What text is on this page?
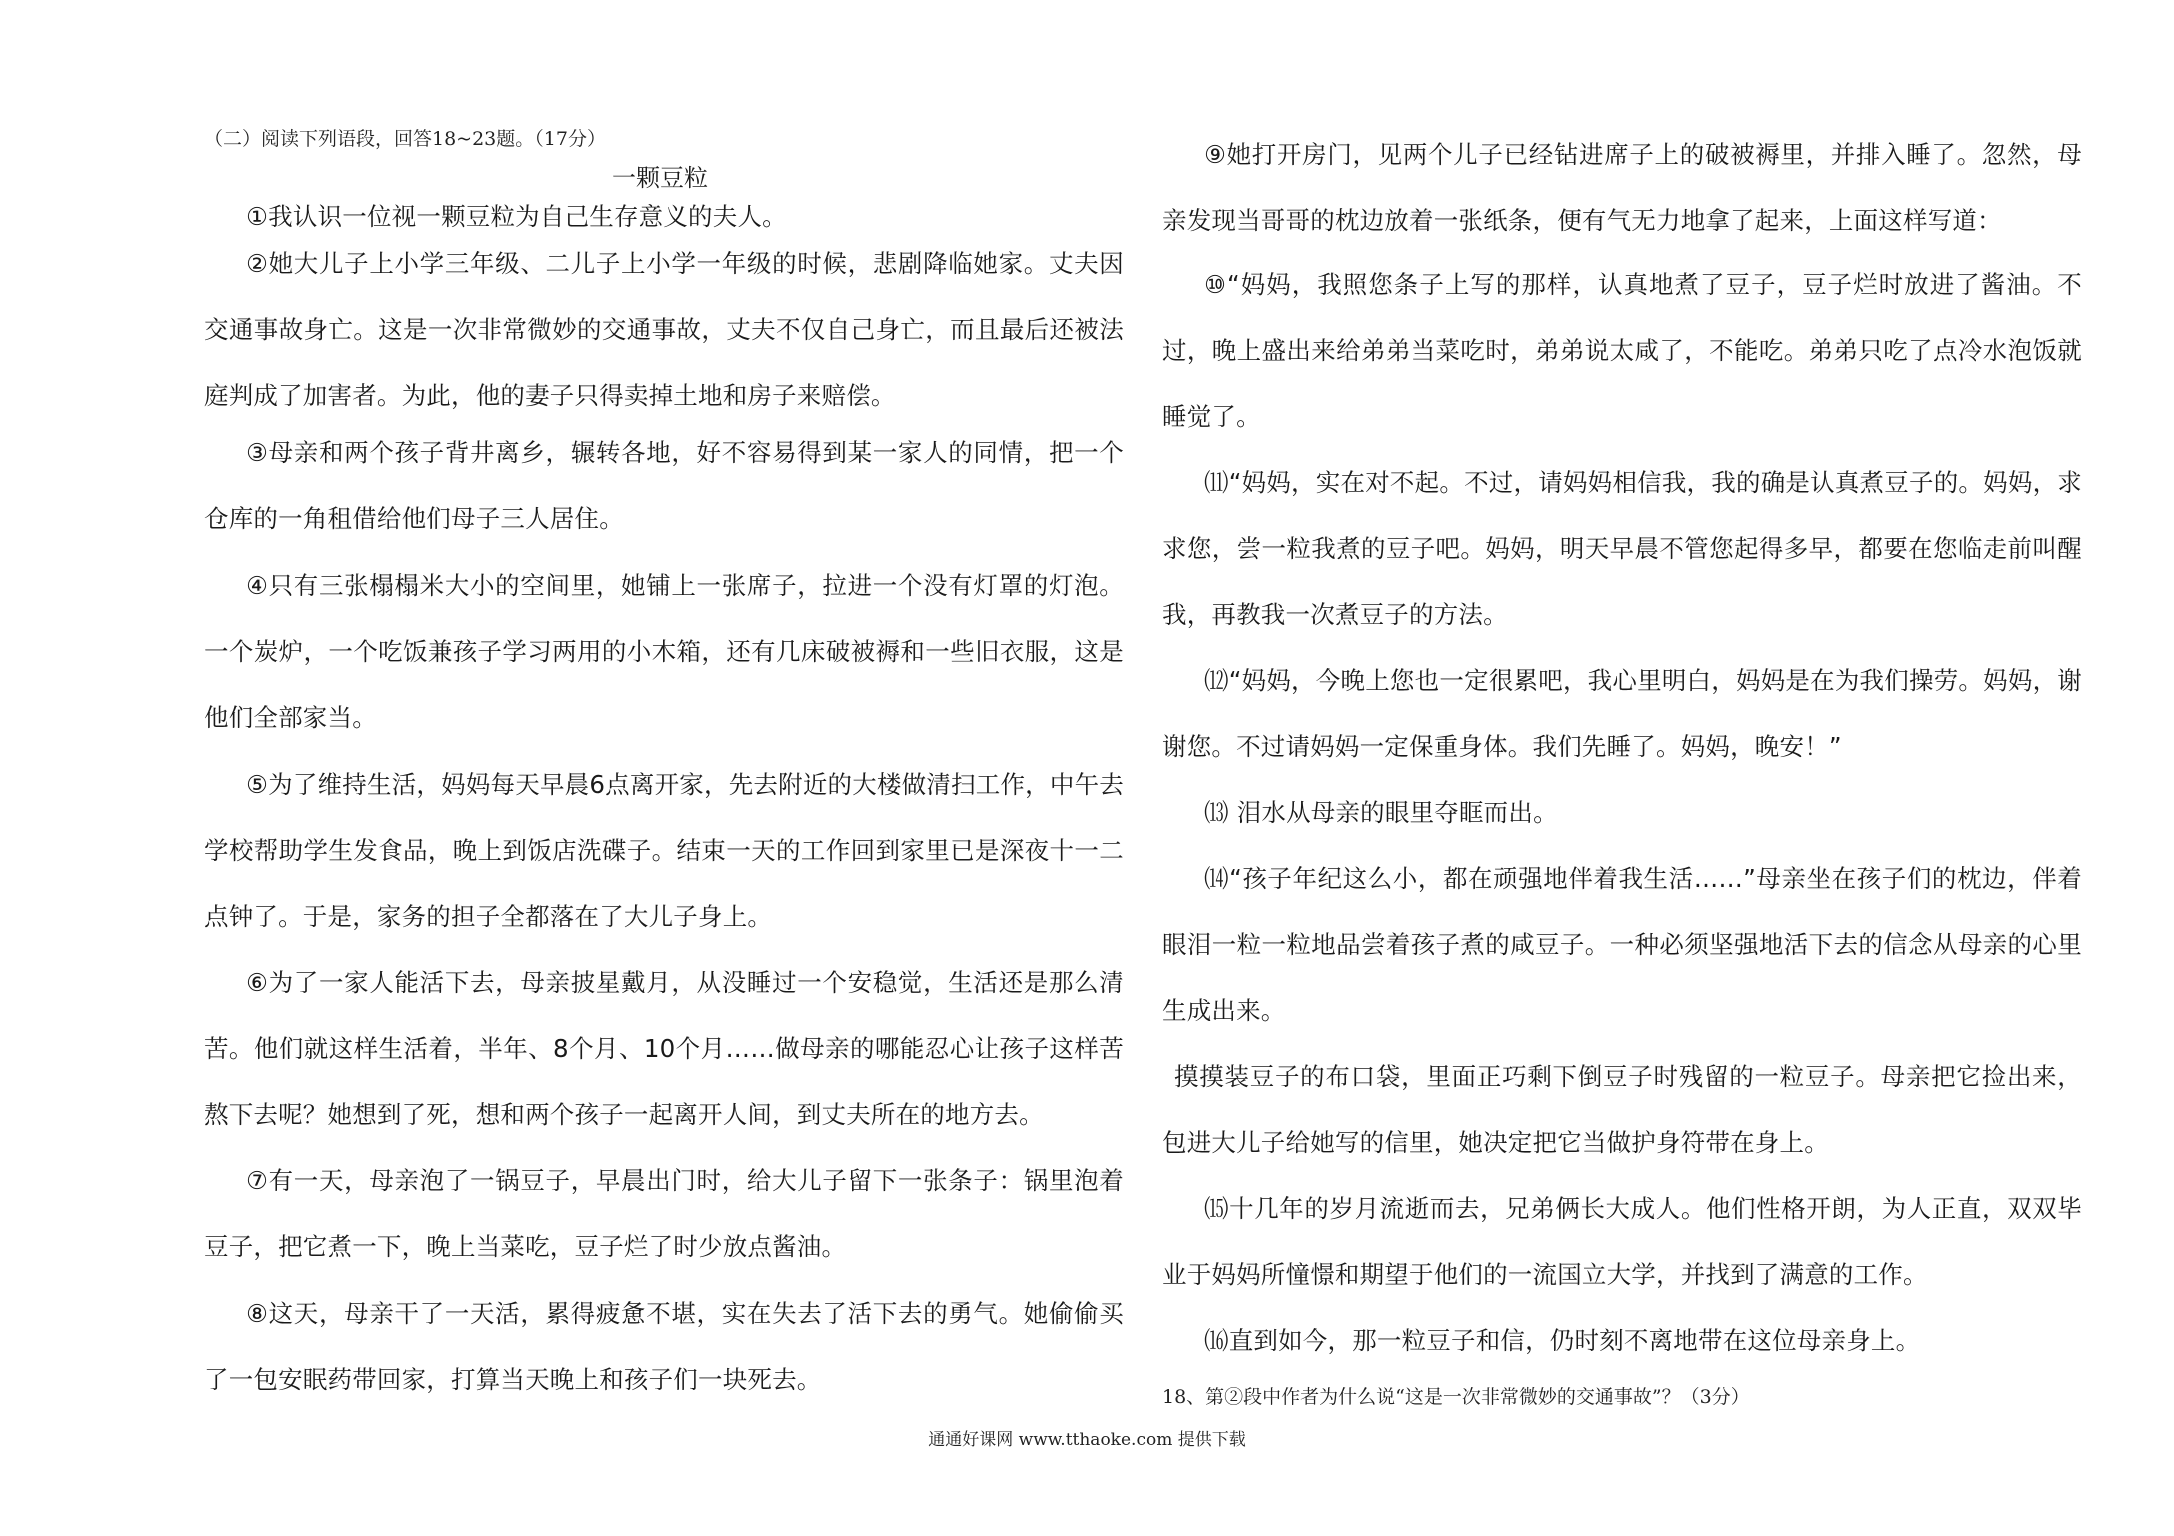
（二）阅读下列语段，回答18~23题。（17分）
一颗豆粒

①我认识一位视一颗豆粒为自己生存意义的夫人。

②她大儿子上小学三年级、二儿子上小学一年级的时候，悲剧降临她家。丈夫因交通事故身亡。这是一次非常微妙的交通事故，丈夫不仅自己身亡，而且最后还被法庭判成了加害者。为此，他的妻子只得卖掉土地和房子来赔偿。

③母亲和两个孩子背井离乡，辗转各地，好不容易得到某一家人的同情，把一个仓库的一角租借给他们母子三人居住。

④只有三张榻榻米大小的空间里，她铺上一张席子，拉进一个没有灯罩的灯泡。一个炭炉，一个吃饭兼孩子学习两用的小木箱，还有几床破被褥和一些旧衣服，这是他们全部家当。

⑤为了维持生活，妈妈每天早晨6点离开家，先去附近的大楼做清扫工作，中午去学校帮助学生发食品，晚上到饭店洗碟子。结束一天的工作回到家里已是深夜十一二点钟了。于是，家务的担子全都落在了大儿子身上。

⑥为了一家人能活下去，母亲披星戴月，从没睡过一个安稳觉，生活还是那么清苦。他们就这样生活着，半年、8个月、10个月……做母亲的哪能忍心让孩子这样苦熬下去呢？她想到了死，想和两个孩子一起离开人间，到丈夫所在的地方去。

⑦有一天，母亲泡了一锅豆子，早晨出门时，给大儿子留下一张条子：锅里泡着豆子，把它煮一下，晚上当菜吃，豆子烂了时少放点酱油。

⑧这天，母亲干了一天活，累得疲惫不堪，实在失去了活下去的勇气。她偷偷买了一包安眠药带回家，打算当天晚上和孩子们一块死去。

⑨她打开房门，见两个儿子已经钻进席子上的破被褥里，并排入睡了。忽然，母亲发现当哥哥的枕边放着一张纸条，便有气无力地拿了起来，上面这样写道：

⑩“妈妈，我照您条子上写的那样，认真地煮了豆子，豆子烂时放进了酱油。不过，晚上盛出来给弟弟当菜吃时，弟弟说太咸了，不能吃。弟弟只吃了点冷水泡饭就睡觉了。

⑾“妈妈，实在对不起。不过，请妈妈相信我，我的确是认真煮豆子的。妈妈，求求您，尝一粒我煮的豆子吧。妈妈，明天早晨不管您起得多早，都要在您临走前叫醒我，再教我一次煮豆子的方法。

⑿“妈妈，今晚上您也一定很累吧，我心里明白，妈妈是在为我们操劳。妈妈，谢谢您。不过请妈妈一定保重身体。我们先睡了。妈妈，晚安！”

⒀ 泪水从母亲的眼里夺眶而出。

⒁“孩子年纪这么小，都在顽强地伴着我生活……”母亲坐在孩子们的枕边，伴着眼泪一粒一粒地品尝着孩子煮的咸豆子。一种必须坚强地活下去的信念从母亲的心里生成出来。

摸摸装豆子的布口袋，里面正巧剩下倒豆子时残留的一粒豆子。母亲把它捡出来，包进大儿子给她写的信里，她决定把它当做护身符带在身上。

⒂十几年的岁月流逝而去，兄弟俩长大成人。他们性格开朗，为人正直，双双毕业于妈妈所憧憬和期望于他们的一流国立大学，并找到了满意的工作。

⒃直到如今，那一粒豆子和信，仍时刻不离地带在这位母亲身上。

18、第②段中作者为什么说“这是一次非常微妙的交通事故”？（3分）
通通好课网 www.tthaoke.com 提供下载
